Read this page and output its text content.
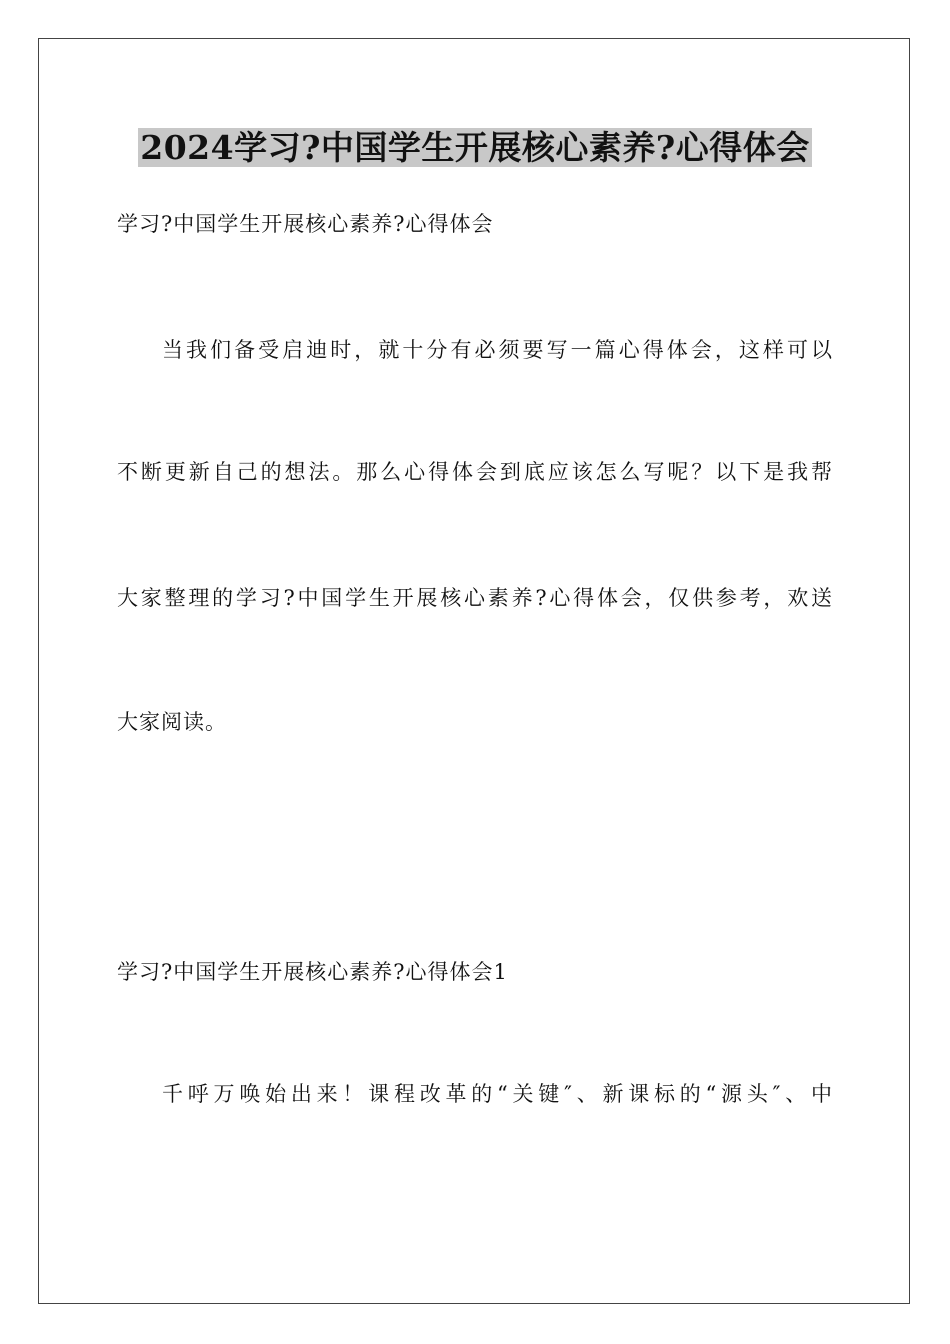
2024学习?中国学生开展核心素养?心得体会

学习?中国学生开展核心素养?心得体会

当我们备受启迪时，就十分有必须要写一篇心得体会，这样可以

不断更新自己的想法。那么心得体会到底应该怎么写呢？以下是我帮

大家整理的学习?中国学生开展核心素养?心得体会，仅供参考，欢送

大家阅读。

学习?中国学生开展核心素养?心得体会1

千呼万唤始出来！课程改革的“关键″、新课标的“源头″、中
